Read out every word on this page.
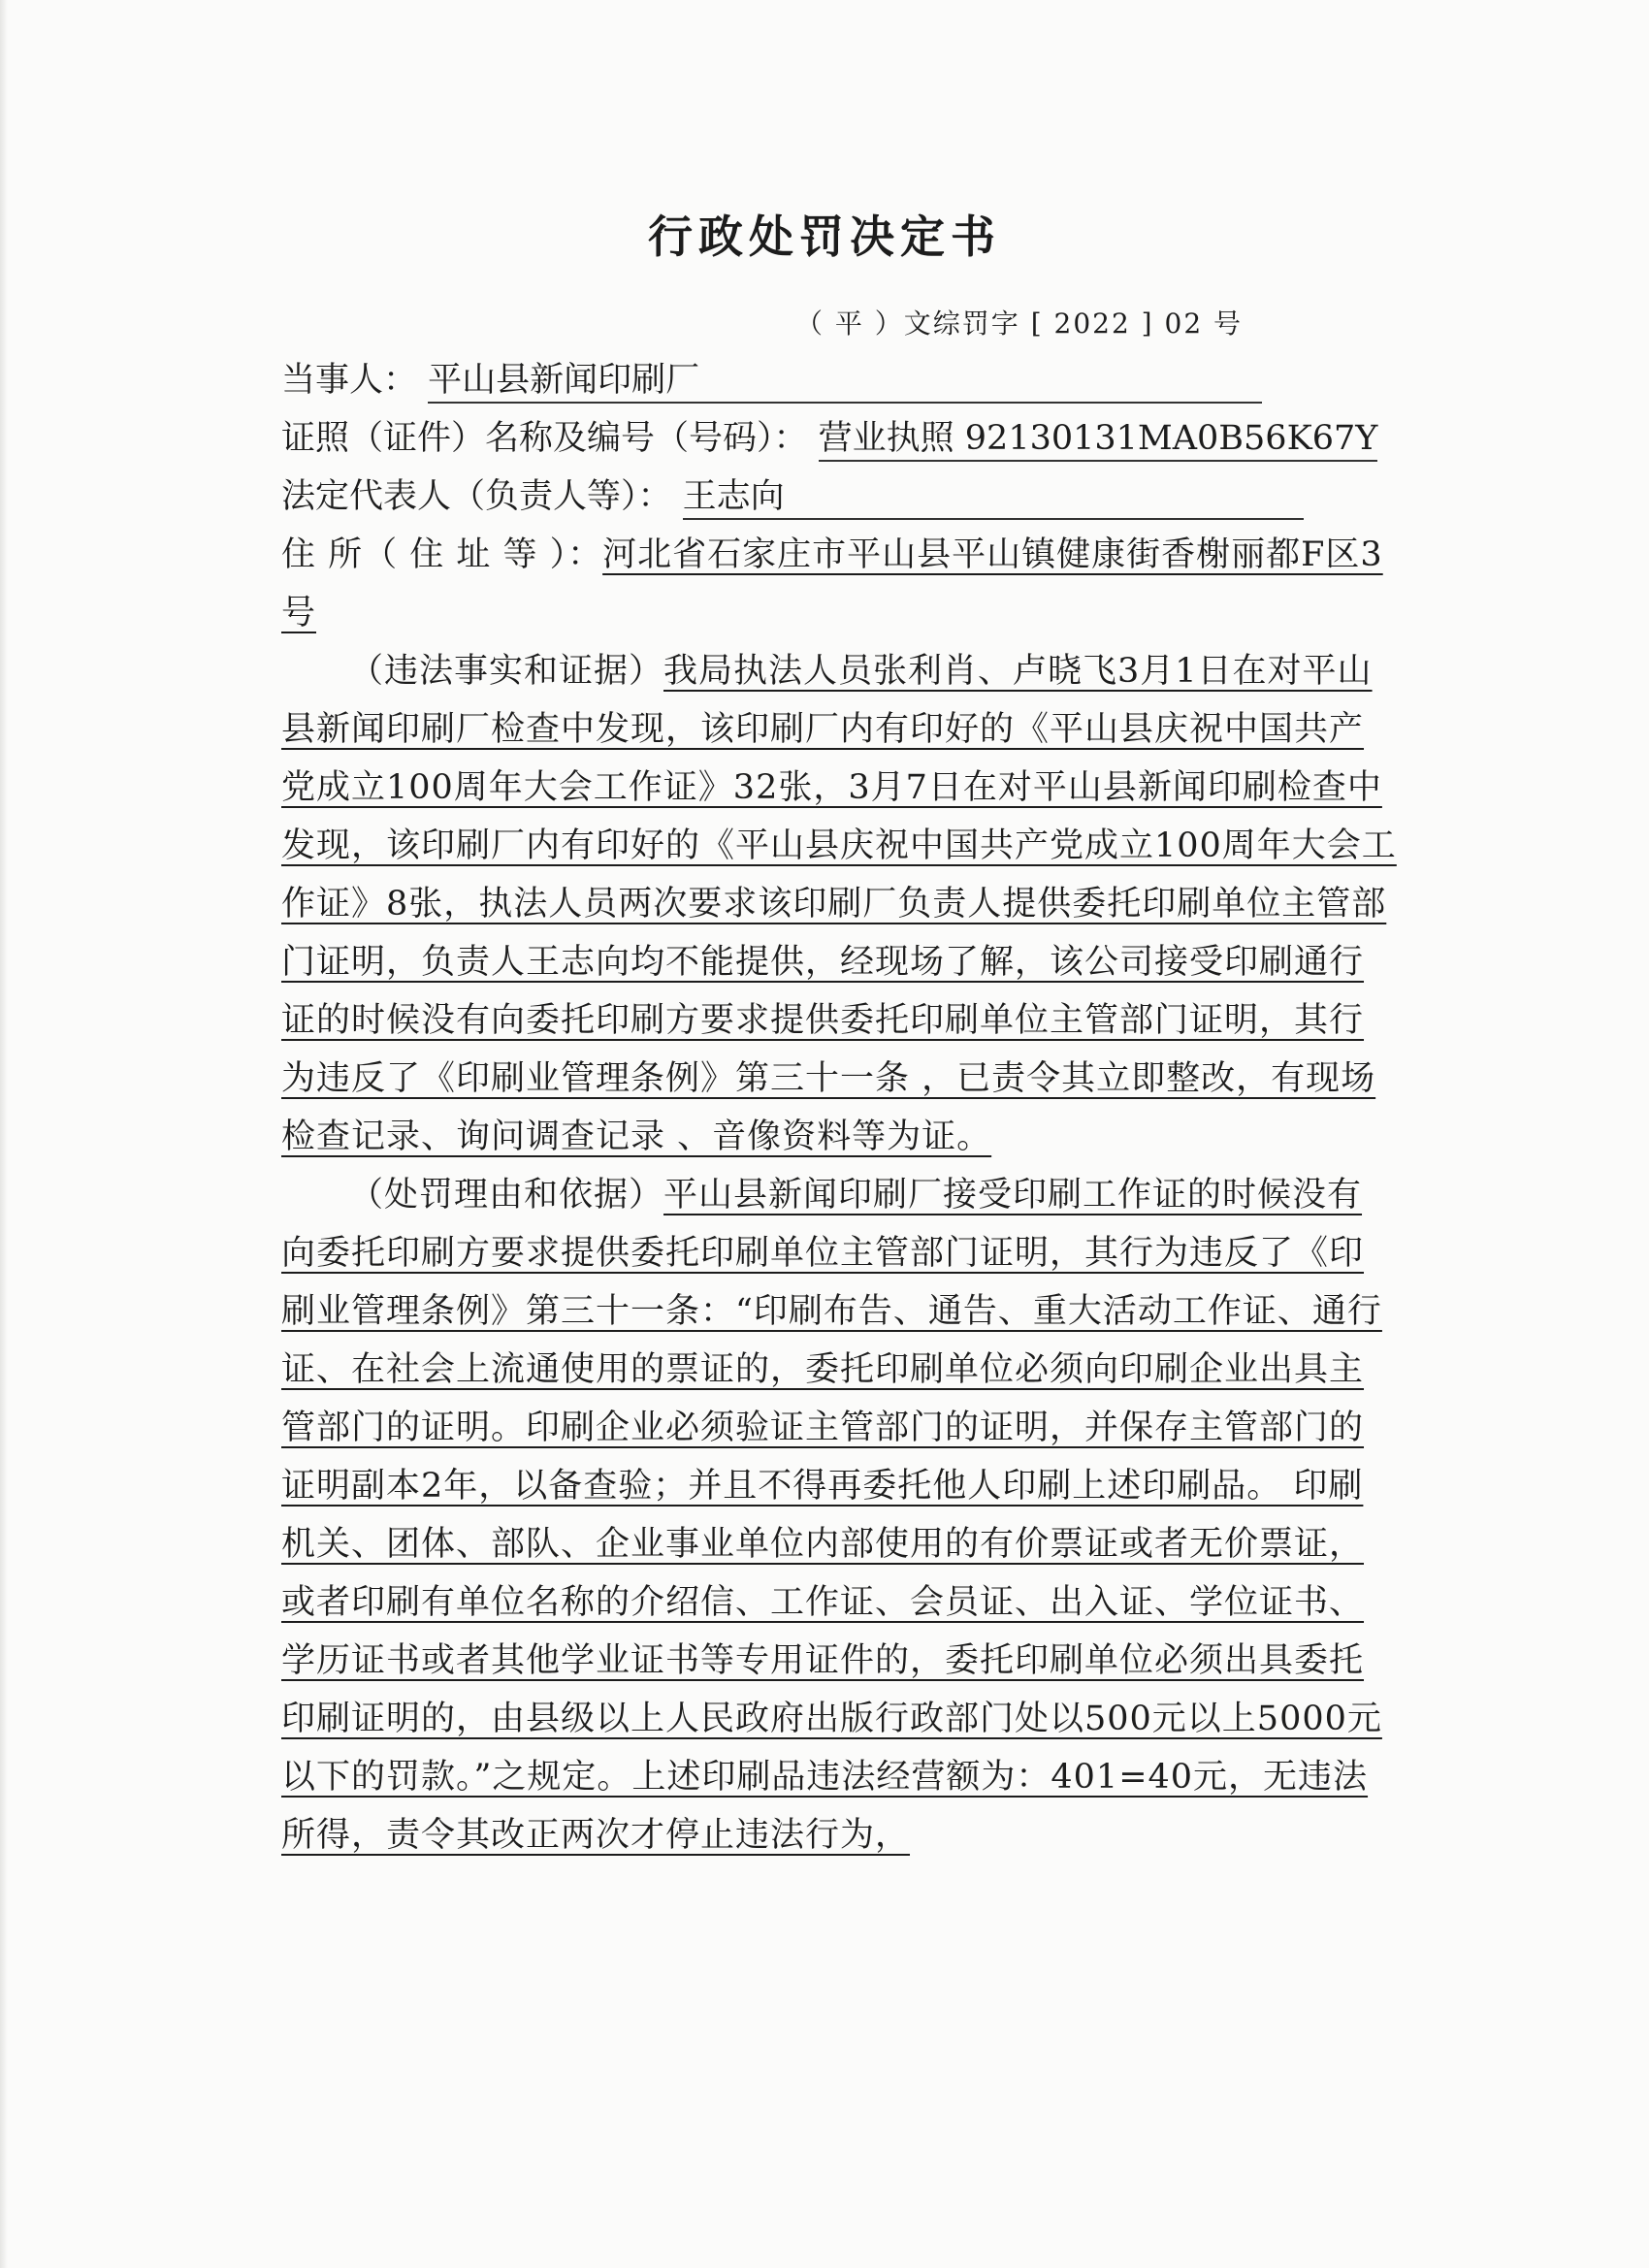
行政处罚决定书
（ 平 ）文综罚字 [ 2022 ] 02 号
当事人： 平山县新闻印刷厂
证照（证件）名称及编号（号码）： 营业执照 92130131MA0B56K67Y
法定代表人（负责人等）： 王志向
住 所（ 住 址 等 ）：河北省石家庄市平山县平山镇健康街香榭丽都F区3号
（违法事实和证据）我局执法人员张利肖、卢晓飞3月1日在对平山县新闻印刷厂检查中发现，该印刷厂内有印好的《平山县庆祝中国共产党成立100周年大会工作证》32张，3月7日在对平山县新闻印刷检查中发现，该印刷厂内有印好的《平山县庆祝中国共产党成立100周年大会工作证》8张，执法人员两次要求该印刷厂负责人提供委托印刷单位主管部门证明，负责人王志向均不能提供，经现场了解，该公司接受印刷通行证的时候没有向委托印刷方要求提供委托印刷单位主管部门证明，其行为违反了《印刷业管理条例》第三十一条 ，已责令其立即整改，有现场检查记录、询问调查记录 、音像资料等为证。
（处罚理由和依据）平山县新闻印刷厂接受印刷工作证的时候没有向委托印刷方要求提供委托印刷单位主管部门证明，其行为违反了《印刷业管理条例》第三十一条：“印刷布告、通告、重大活动工作证、通行证、在社会上流通使用的票证的，委托印刷单位必须向印刷企业出具主管部门的证明。印刷企业必须验证主管部门的证明，并保存主管部门的证明副本2年，以备查验；并且不得再委托他人印刷上述印刷品。 印刷机关、团体、部队、企业事业单位内部使用的有价票证或者无价票证，或者印刷有单位名称的介绍信、工作证、会员证、出入证、学位证书、学历证书或者其他学业证书等专用证件的，委托印刷单位必须出具委托印刷证明的，由县级以上人民政府出版行政部门处以500元以上5000元以下的罚款。”之规定。上述印刷品违法经营额为：401=40元，无违法所得，责令其改正两次才停止违法行为，
